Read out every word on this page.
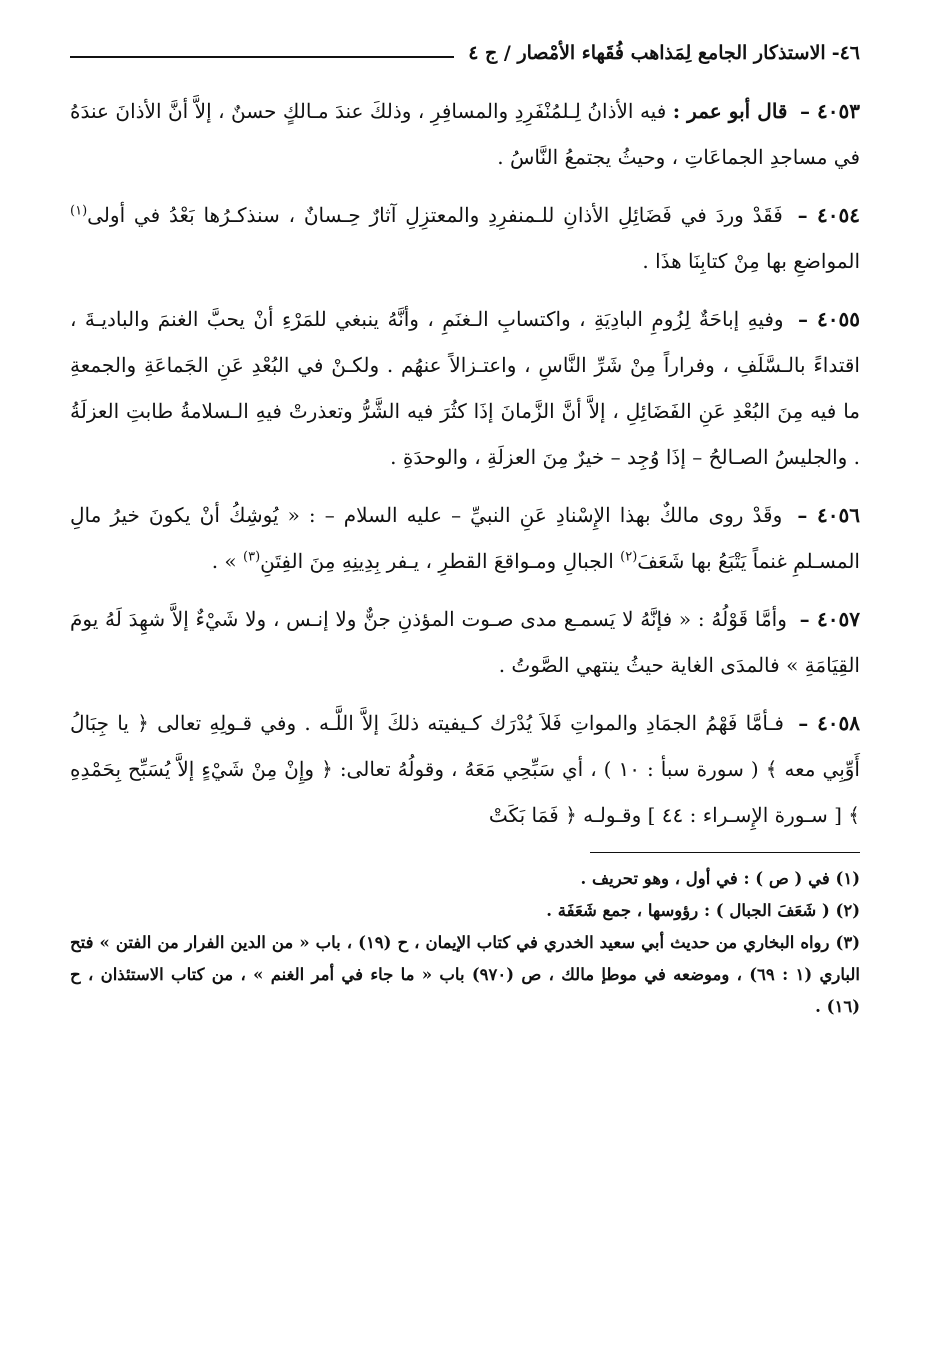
٤٦-
الاستذكار الجامع لِمَذاهب فُقَهاء الأمْصار / ج ٤

٤٠٥٣ – قال أبو عمر : فيه الأذانُ لِـلمُنْفَرِدِ والمسافِرِ ، وذلكَ عندَ مـالكٍ حسنٌ ، إلاَّ أنَّ الأذانَ عندَهُ في مساجدِ الجماعَاتِ ، وحيثُ يجتمعُ النَّاسُ .

٤٠٥٤ – فَقَدْ وردَ في فَضَائِلِ الأذانِ للـمنفرِدِ والمعتزِلِ آثارٌ حِـسانٌ ، سنذكـرُها بَعْدُ في أولى$^{(١)}$ المواضعِ بها مِنْ كتابِنَا هذَا .

٤٠٥٥ – وفيهِ إباحَةٌ لِزُومِ البادِيَةِ ، واكتسابِ الـغنَمِ ، وأنَّهُ ينبغي للمَرْءِ أنْ يحبَّ الغنمَ والباديـةَ ، اقتداءً بالـسَّلَفِ ، وفراراً مِنْ شَرِّ النَّاسِ ، واعتـزالاً عنهُم . ولكـنْ في البُعْدِ عَنِ الجَماعَةِ والجمعةِ ما فيه مِنَ البُعْدِ عَنِ الفَضَائِلِ ، إلاَّ أنَّ الزَّمانَ إذَا كثُرَ فيه الشَّرُّ وتعذرتْ فيهِ الـسلامةُ طابتِ العزلَةُ . والجليسُ الصـالحُ – إذَا وُجِد – خيرٌ مِنَ العزلَةِ ، والوحدَةِ .

٤٠٥٦ – وقَدْ روى مالكٌ بهذا الإِسْنادِ عَنِ النبيِّ – عليه السلام – : « يُوشِكُ أنْ يكونَ خيرُ مالِ المسـلمِ غنماً يَتْبَعُ بها شَعَفَ$^{(٢)}$ الجبالِ ومـواقعَ القطرِ ، يـفر بِدِينِهِ مِنَ الفِتَنِ$^{(٣)}$ » .

٤٠٥٧ – وأمَّا قَوْلُهُ : « فإنَّهُ لا يَسمـع مدى صـوت المؤذنِ جنٌّ ولا إنـس ، ولا شَيْءٌ إلاَّ شهِدَ لَهُ يومَ القِيَامَةِ » فالمدَى الغاية حيثُ ينتهي الصَّوتُ .

٤٠٥٨ – فـأمَّا فَهْمُ الجمَادِ والمواتِ فَلاَ يُدْرَك كـيفيته ذلكَ إلاَّ اللَّـه . وفي قـولِهِ تعالى ﴿ يا جِبَالُ أَوِّبِي معه ﴾ ( سورة سبأ : ١٠ ) ، أي سَبِّحِي مَعَهُ ، وقولُهُ تعالى: ﴿ وإِنْ مِنْ شَيْءٍ إلاَّ يُسَبِّح بِحَمْدِهِ ﴾ [ سـورة الإِسـراء : ٤٤ ] وقـولـه ﴿ فَمَا بَكَتْ

(١) في ( ص ) : في أول ، وهو تحريف .

(٢) ( شَعَفَ الجبال ) : رؤوسها ، جمع شَعَفَة .

(٣) رواه البخاري من حديث أبي سعيد الخدري في كتاب الإيمان ، ح (١٩) ، باب « من الدين الفرار من الفتن » فتح الباري (١ : ٦٩) ، وموضعه في موطإ مالك ، ص (٩٧٠) باب « ما جاء في أمر الغنم » ، من كتاب الاستئذان ، ح (١٦) .
